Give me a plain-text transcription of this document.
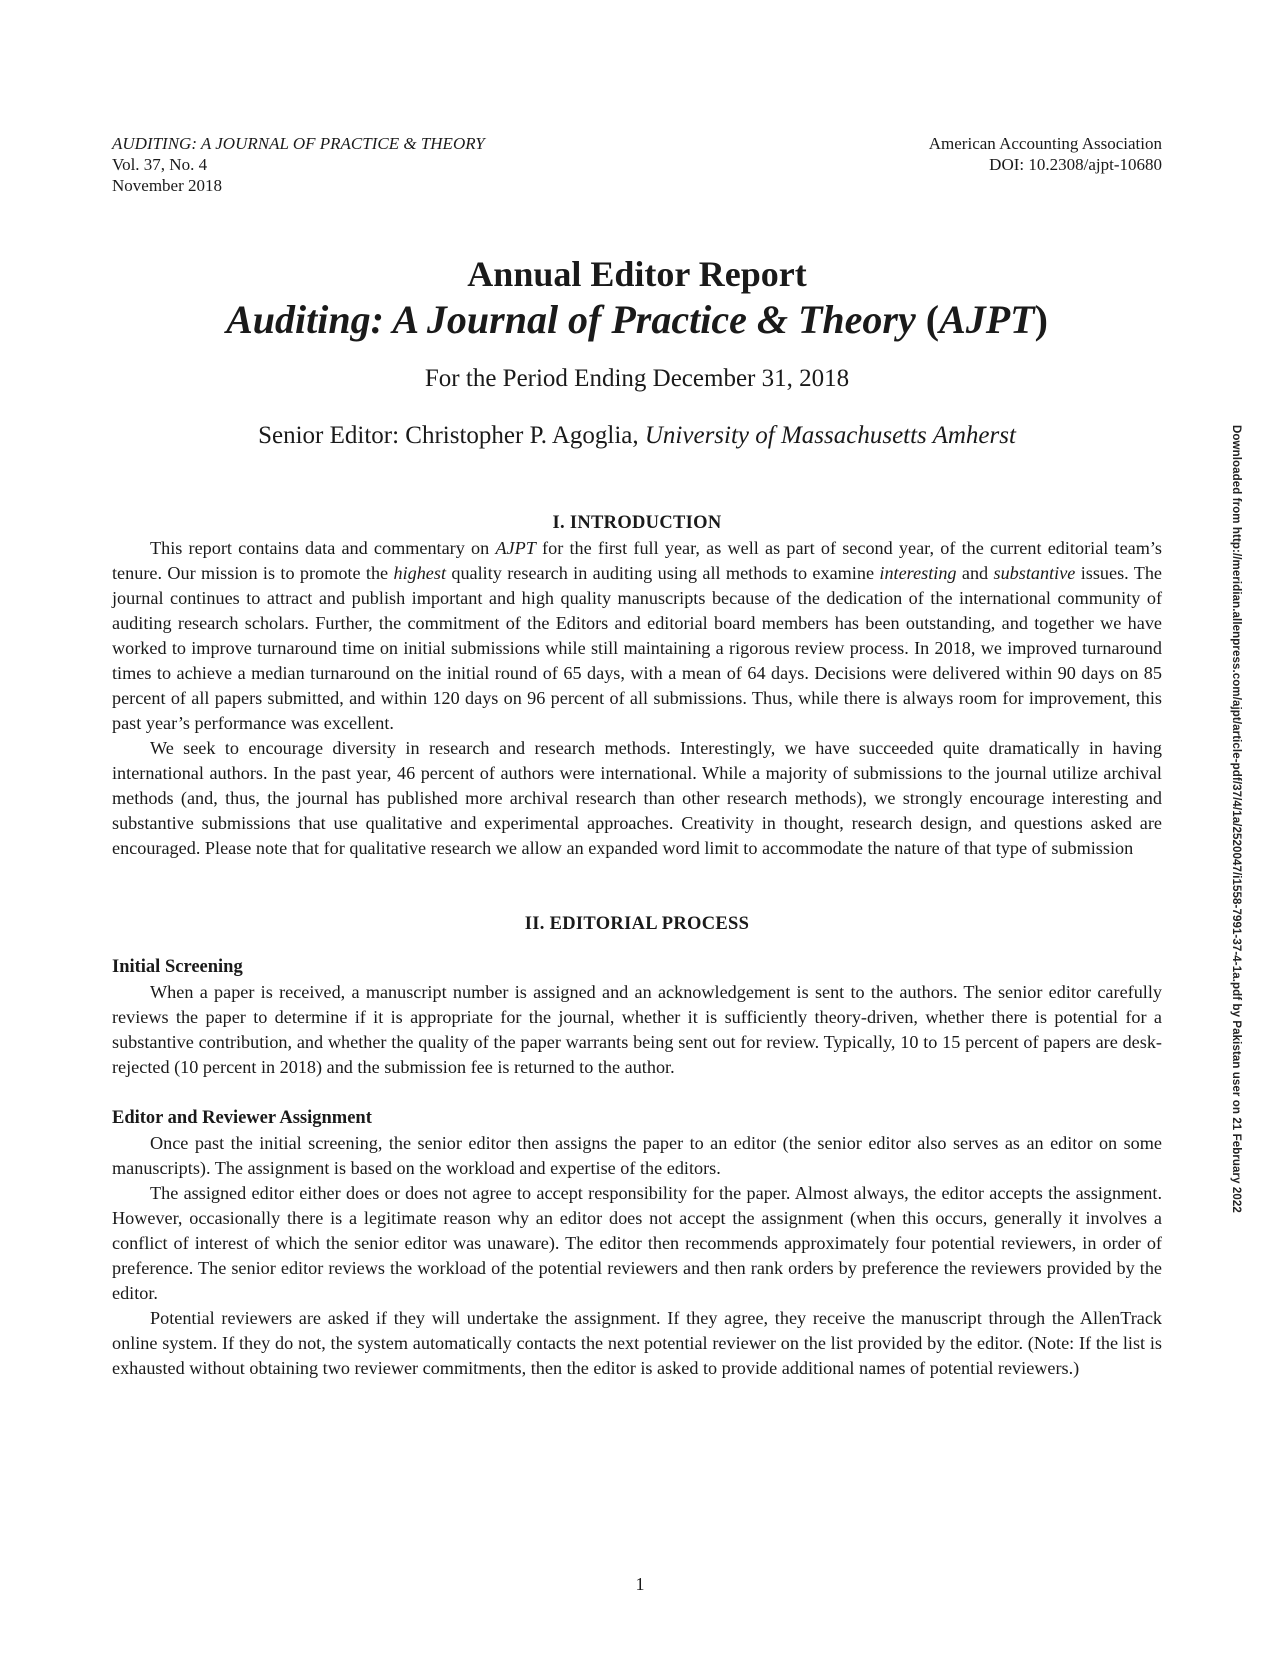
AUDITING: A JOURNAL OF PRACTICE & THEORY
Vol. 37, No. 4
November 2018
American Accounting Association
DOI: 10.2308/ajpt-10680
Annual Editor Report
Auditing: A Journal of Practice & Theory (AJPT)
For the Period Ending December 31, 2018
Senior Editor: Christopher P. Agoglia, University of Massachusetts Amherst
I. INTRODUCTION

This report contains data and commentary on AJPT for the first full year, as well as part of second year, of the current editorial team’s tenure. Our mission is to promote the highest quality research in auditing using all methods to examine interesting and substantive issues. The journal continues to attract and publish important and high quality manuscripts because of the dedication of the international community of auditing research scholars. Further, the commitment of the Editors and editorial board members has been outstanding, and together we have worked to improve turnaround time on initial submissions while still maintaining a rigorous review process. In 2018, we improved turnaround times to achieve a median turnaround on the initial round of 65 days, with a mean of 64 days. Decisions were delivered within 90 days on 85 percent of all papers submitted, and within 120 days on 96 percent of all submissions. Thus, while there is always room for improvement, this past year’s performance was excellent.

We seek to encourage diversity in research and research methods. Interestingly, we have succeeded quite dramatically in having international authors. In the past year, 46 percent of authors were international. While a majority of submissions to the journal utilize archival methods (and, thus, the journal has published more archival research than other research methods), we strongly encourage interesting and substantive submissions that use qualitative and experimental approaches. Creativity in thought, research design, and questions asked are encouraged. Please note that for qualitative research we allow an expanded word limit to accommodate the nature of that type of submission

II. EDITORIAL PROCESS
Initial Screening

When a paper is received, a manuscript number is assigned and an acknowledgement is sent to the authors. The senior editor carefully reviews the paper to determine if it is appropriate for the journal, whether it is sufficiently theory-driven, whether there is potential for a substantive contribution, and whether the quality of the paper warrants being sent out for review. Typically, 10 to 15 percent of papers are desk-rejected (10 percent in 2018) and the submission fee is returned to the author.

Editor and Reviewer Assignment

Once past the initial screening, the senior editor then assigns the paper to an editor (the senior editor also serves as an editor on some manuscripts). The assignment is based on the workload and expertise of the editors.

The assigned editor either does or does not agree to accept responsibility for the paper. Almost always, the editor accepts the assignment. However, occasionally there is a legitimate reason why an editor does not accept the assignment (when this occurs, generally it involves a conflict of interest of which the senior editor was unaware). The editor then recommends approximately four potential reviewers, in order of preference. The senior editor reviews the workload of the potential reviewers and then rank orders by preference the reviewers provided by the editor.

Potential reviewers are asked if they will undertake the assignment. If they agree, they receive the manuscript through the AllenTrack online system. If they do not, the system automatically contacts the next potential reviewer on the list provided by the editor. (Note: If the list is exhausted without obtaining two reviewer commitments, then the editor is asked to provide additional names of potential reviewers.)

Downloaded from http://meridian.allenpress.com/ajpt/article-pdf/37/4/1a/2520047/i1558-7991-37-4-1a.pdf by Pakistan user on 21 February 2022
1
